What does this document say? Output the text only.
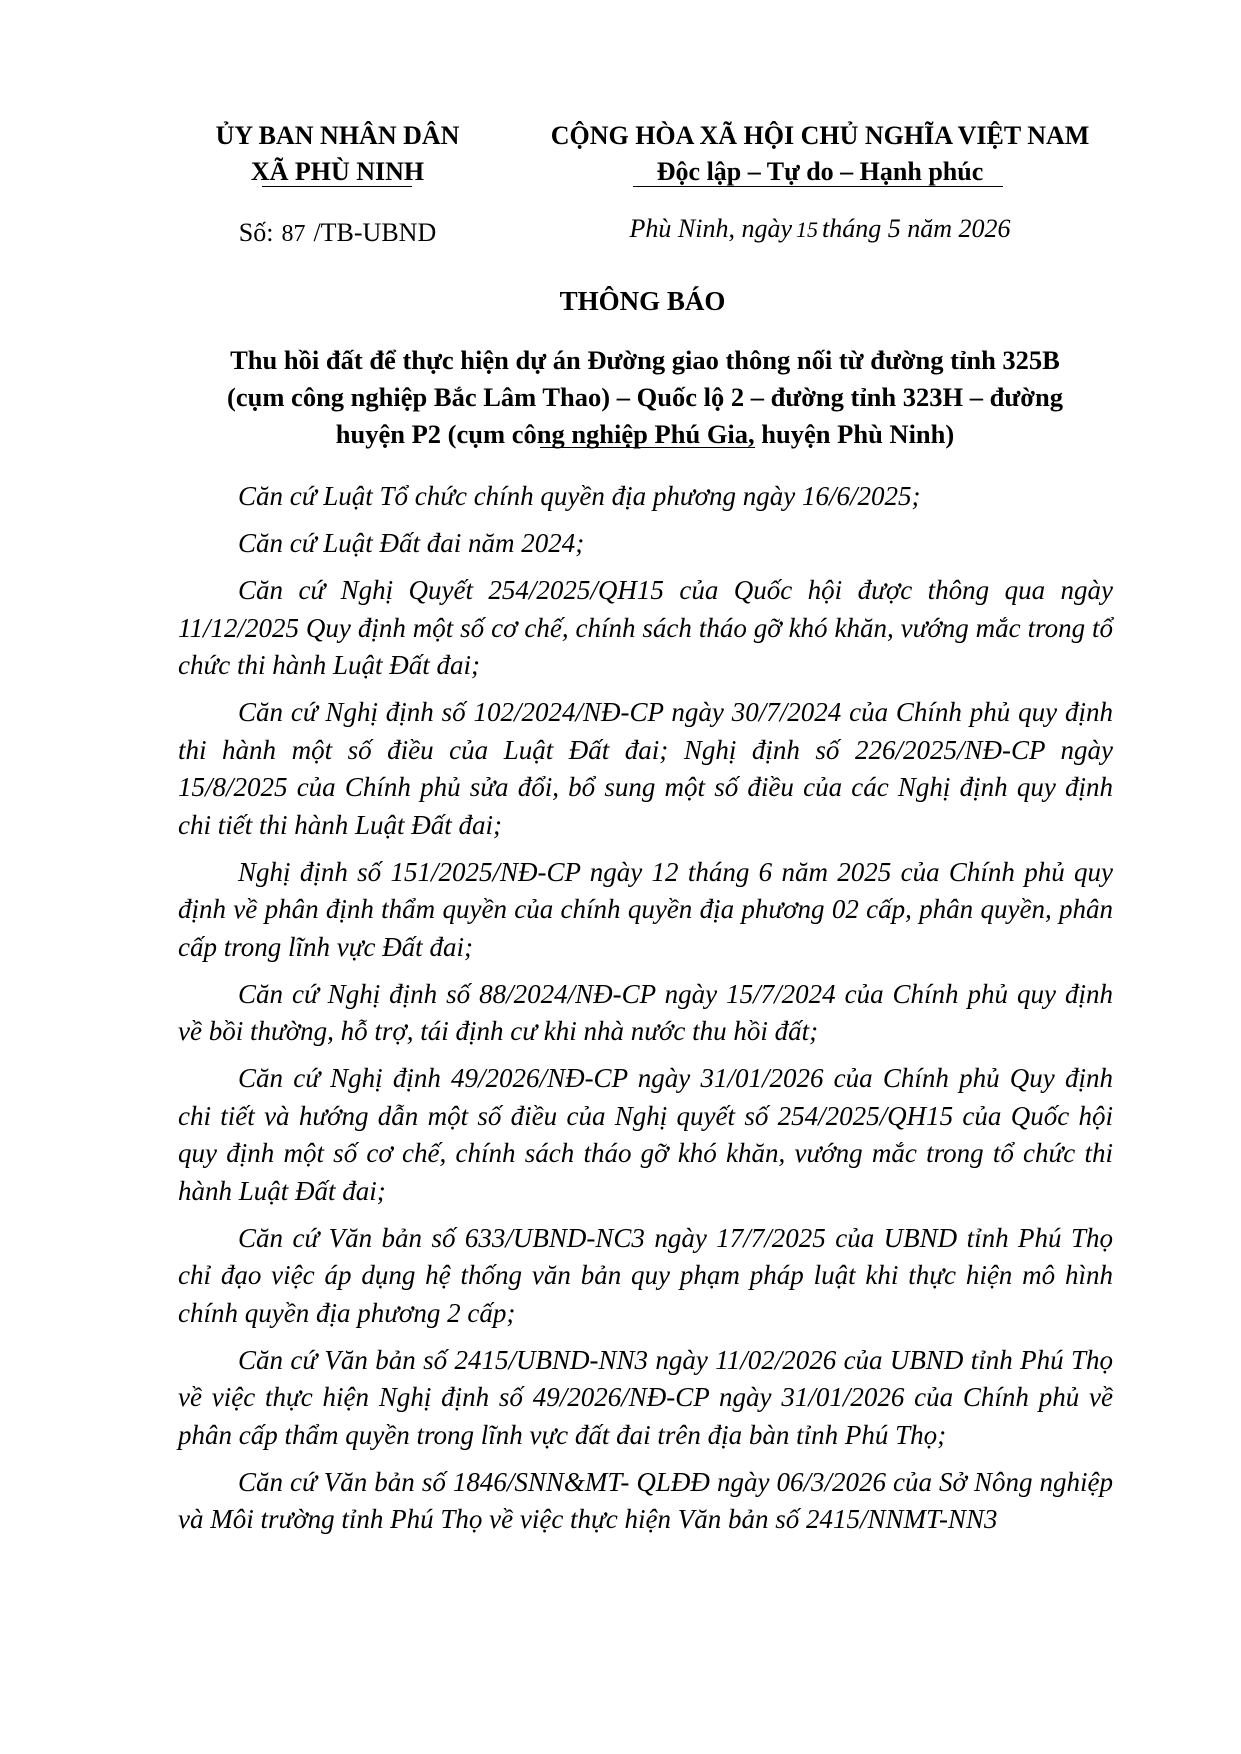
ỦY BAN NHÂN DÂN
XÃ PHÙ NINH
CỘNG HÒA XÃ HỘI CHỦ NGHĨA VIỆT NAM
Độc lập – Tự do – Hạnh phúc
Số: 87 /TB-UBND	Phù Ninh, ngày 15 tháng 5 năm 2026
THÔNG BÁO
Thu hồi đất để thực hiện dự án Đường giao thông nối từ đường tỉnh 325B
(cụm công nghiệp Bắc Lâm Thao) – Quốc lộ 2 – đường tỉnh 323H – đường
huyện P2 (cụm công nghiệp Phú Gia, huyện Phù Ninh)

Căn cứ Luật Tổ chức chính quyền địa phương ngày 16/6/2025;

Căn cứ Luật Đất đai năm 2024;

Căn cứ Nghị Quyết 254/2025/QH15 của Quốc hội được thông qua ngày 11/12/2025 Quy định một số cơ chế, chính sách tháo gỡ khó khăn, vướng mắc trong tổ chức thi hành Luật Đất đai;

Căn cứ Nghị định số 102/2024/NĐ-CP ngày 30/7/2024 của Chính phủ quy định thi hành một số điều của Luật Đất đai; Nghị định số 226/2025/NĐ-CP ngày 15/8/2025 của Chính phủ sửa đổi, bổ sung một số điều của các Nghị định quy định chi tiết thi hành Luật Đất đai;

Nghị định số 151/2025/NĐ-CP ngày 12 tháng 6 năm 2025 của Chính phủ quy định về phân định thẩm quyền của chính quyền địa phương 02 cấp, phân quyền, phân cấp trong lĩnh vực Đất đai;

Căn cứ Nghị định số 88/2024/NĐ-CP ngày 15/7/2024 của Chính phủ quy định về bồi thường, hỗ trợ, tái định cư khi nhà nước thu hồi đất;

Căn cứ Nghị định 49/2026/NĐ-CP ngày 31/01/2026 của Chính phủ Quy định chi tiết và hướng dẫn một số điều của Nghị quyết số 254/2025/QH15 của Quốc hội quy định một số cơ chế, chính sách tháo gỡ khó khăn, vướng mắc trong tổ chức thi hành Luật Đất đai;

Căn cứ Văn bản số 633/UBND-NC3 ngày 17/7/2025 của UBND tỉnh Phú Thọ chỉ đạo việc áp dụng hệ thống văn bản quy phạm pháp luật khi thực hiện mô hình chính quyền địa phương 2 cấp;

Căn cứ Văn bản số 2415/UBND-NN3 ngày 11/02/2026 của UBND tỉnh Phú Thọ về việc thực hiện Nghị định số 49/2026/NĐ-CP ngày 31/01/2026 của Chính phủ về phân cấp thẩm quyền trong lĩnh vực đất đai trên địa bàn tỉnh Phú Thọ;

Căn cứ Văn bản số 1846/SNN&MT- QLĐĐ ngày 06/3/2026 của Sở Nông nghiệp và Môi trường tỉnh Phú Thọ về việc thực hiện Văn bản số 2415/NNMT-NN3
